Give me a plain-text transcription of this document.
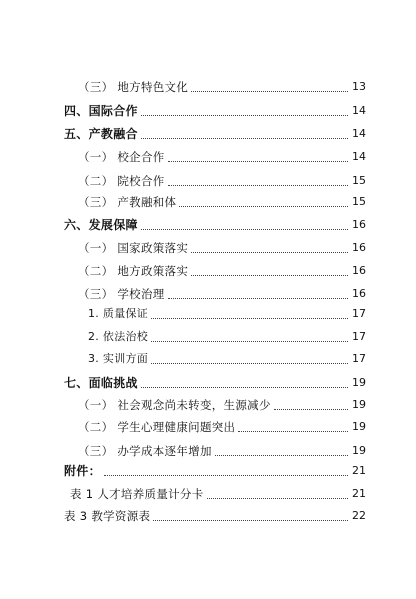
（三） 地方特色文化	13
四、国际合作	14
五、产教融合	14
（一） 校企合作	14
（二） 院校合作	15
（三） 产教融和体	15
六、发展保障	16
（一） 国家政策落实	16
（二） 地方政策落实	16
（三） 学校治理	16
1. 质量保证	17
2. 依法治校	17
3. 实训方面	17
七、面临挑战	19
（一） 社会观念尚未转变，生源减少	19
（二） 学生心理健康问题突出	19
（三） 办学成本逐年增加	19
附件：	21
表 1 人才培养质量计分卡	21
表 3 教学资源表	22
